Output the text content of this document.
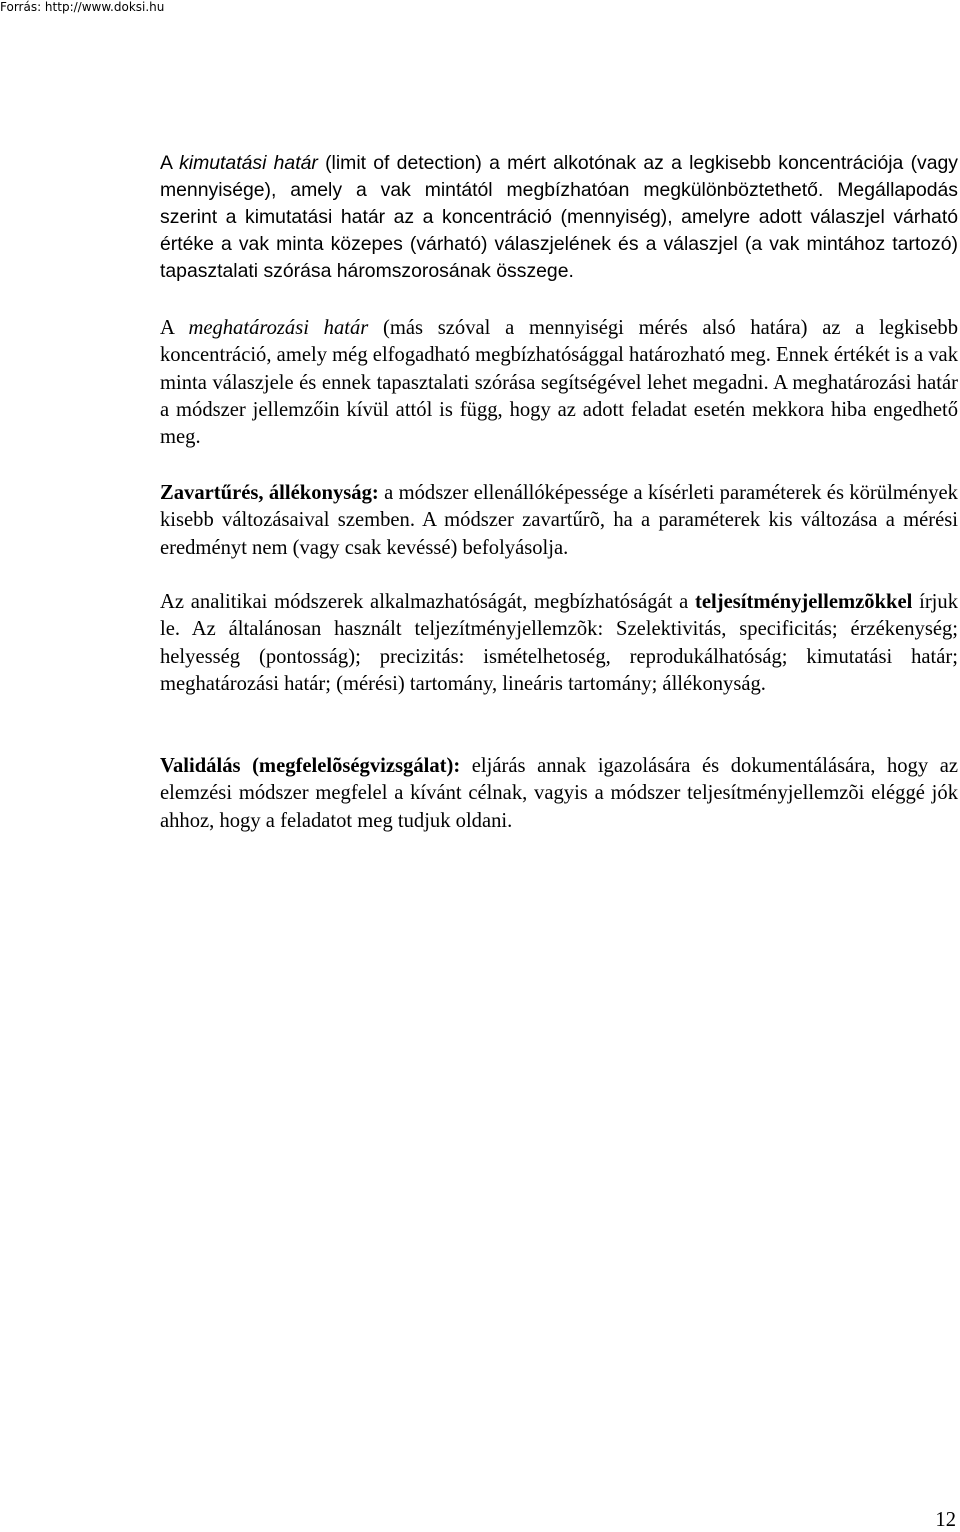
Forrás: http://www.doksi.hu

A kimutatási határ (limit of detection) a mért alkotónak az a legkisebb koncentrációja (vagy mennyisége), amely a vak mintától megbízhatóan megkülönböztethető. Megállapodás szerint a kimutatási határ az a koncentráció (mennyiség), amelyre adott válaszjel várható értéke a vak minta közepes (várható) válaszjelének és a válaszjel (a vak mintához tartozó) tapasztalati szórása háromszorosának összege.

A meghatározási határ (más szóval a mennyiségi mérés alsó határa) az a legkisebb koncentráció, amely még elfogadható megbízhatósággal határozható meg. Ennek értékét is a vak minta válaszjele és ennek tapasztalati szórása segítségével lehet megadni. A meghatározási határ a módszer jellemzőin kívül attól is függ, hogy az adott feladat esetén mekkora hiba engedhető meg.

Zavartűrés, állékonyság: a módszer ellenállóképessége a kísérleti paraméterek és körülmények kisebb változásaival szemben. A módszer zavartűrõ, ha a paraméterek kis változása a mérési eredményt nem (vagy csak kevéssé) befolyásolja.

Az analitikai módszerek alkalmazhatóságát, megbízhatóságát a teljesítményjellemzõkkel írjuk le. Az általánosan használt teljezítményjellemzõk: Szelektivitás, specificitás; érzékenység; helyesség (pontosság); precizitás: ismételhetoség, reprodukálhatóság; kimutatási határ; meghatározási határ; (mérési) tartomány, lineáris tartomány; állékonyság.

Validálás (megfelelõségvizsgálat): eljárás annak igazolására és dokumentálására, hogy az elemzési módszer megfelel a kívánt célnak, vagyis a módszer teljesítményjellemzõi eléggé jók ahhoz, hogy a feladatot meg tudjuk oldani.

12
